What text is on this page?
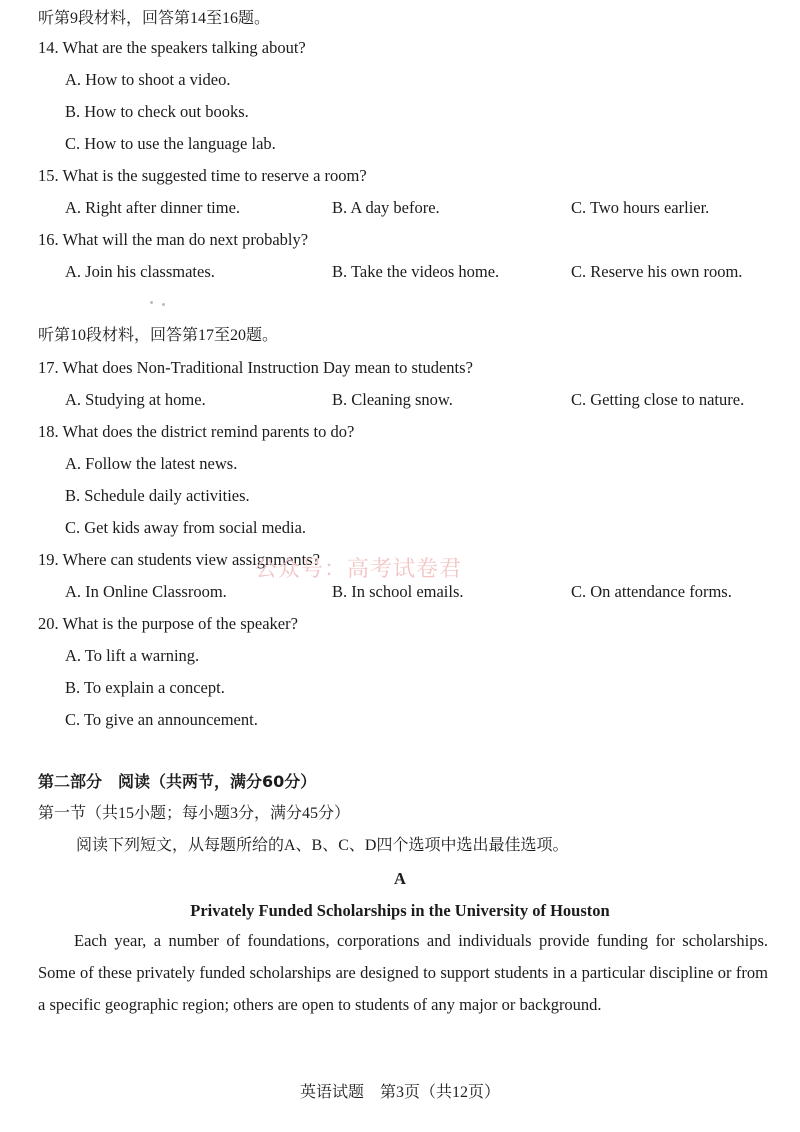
听第9段材料，回答第14至16题。
14. What are the speakers talking about?
A. How to shoot a video.
B. How to check out books.
C. How to use the language lab.
15. What is the suggested time to reserve a room?
A. Right after dinner time.	B. A day before.	C. Two hours earlier.
16. What will the man do next probably?
A. Join his classmates.	B. Take the videos home.	C. Reserve his own room.
听第10段材料，回答第17至20题。
17. What does Non-Traditional Instruction Day mean to students?
A. Studying at home.	B. Cleaning snow.	C. Getting close to nature.
18. What does the district remind parents to do?
A. Follow the latest news.
B. Schedule daily activities.
C. Get kids away from social media.
19. Where can students view assignments?
公众号：高考试卷君
A. In Online Classroom.	B. In school emails.	C. On attendance forms.
20. What is the purpose of the speaker?
A. To lift a warning.
B. To explain a concept.
C. To give an announcement.
第二部分　阅读（共两节，满分60分）
第一节（共15小题；每小题3分，满分45分）
阅读下列短文，从每题所给的A、B、C、D四个选项中选出最佳选项。
A
Privately Funded Scholarships in the University of Houston
Each year, a number of foundations, corporations and individuals provide funding for scholarships. Some of these privately funded scholarships are designed to support students in a particular discipline or from a specific geographic region; others are open to students of any major or background.
英语试题　第3页（共12页）
